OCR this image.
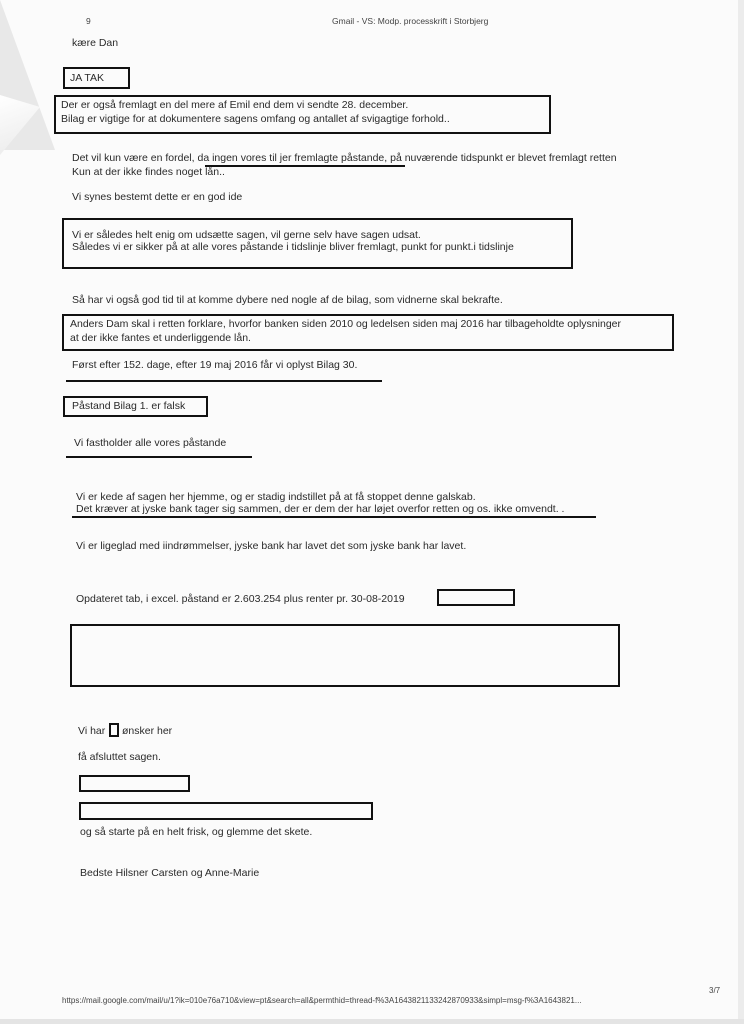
9	Gmail - VS: Modp. processkrift i Storbjerg
kære Dan
JA TAK
Der er også fremlagt en del mere af Emil end dem vi sendte 28. december.
Bilag er vigtige for at dokumentere sagens omfang og antallet af svigagtige forhold..
Det vil kun være en fordel, da ingen vores til jer fremlagte påstande, på nuværende tidspunkt er blevet fremlagt retten
Kun at der ikke findes noget lån..
Vi synes bestemt dette er en god ide
Vi er således helt enig om udsætte sagen, vil gerne selv have sagen udsat.
Således vi er sikker på at alle vores påstande i tidslinje bliver fremlagt, punkt for punkt.i tidslinje
Så har vi også god tid til at komme dybere ned nogle af de bilag, som vidnerne skal bekrafte.
Anders Dam skal i retten forklare, hvorfor banken siden 2010 og ledelsen siden maj 2016 har tilbageholdte oplysninger
at der ikke fantes et underliggende lån.
Først efter 152. dage, efter 19 maj 2016 får vi oplyst Bilag 30.
Påstand Bilag 1. er falsk
Vi fastholder alle vores påstande
Vi er kede af sagen her hjemme, og er stadig indstillet på at få stoppet denne galskab.
Det kræver at jyske bank tager sig sammen, der er dem der har løjet overfor retten og os. ikke omvendt. .
Vi er ligeglad med iindrømmelser, jyske bank har lavet det som jyske bank har lavet.
Opdateret tab, i excel. påstand er 2.603.254 plus renter pr. 30-08-2019
Vi har ønsker her
få afsluttet sagen.
og så starte på en helt frisk, og glemme det skete.
Bedste Hilsner Carsten og Anne-Marie
https://mail.google.com/mail/u/1?ik=010e76a710&view=pt&search=all&permthid=thread-f%3A1643821133242870933&simpl=msg-f%3A1643821...
3/7
